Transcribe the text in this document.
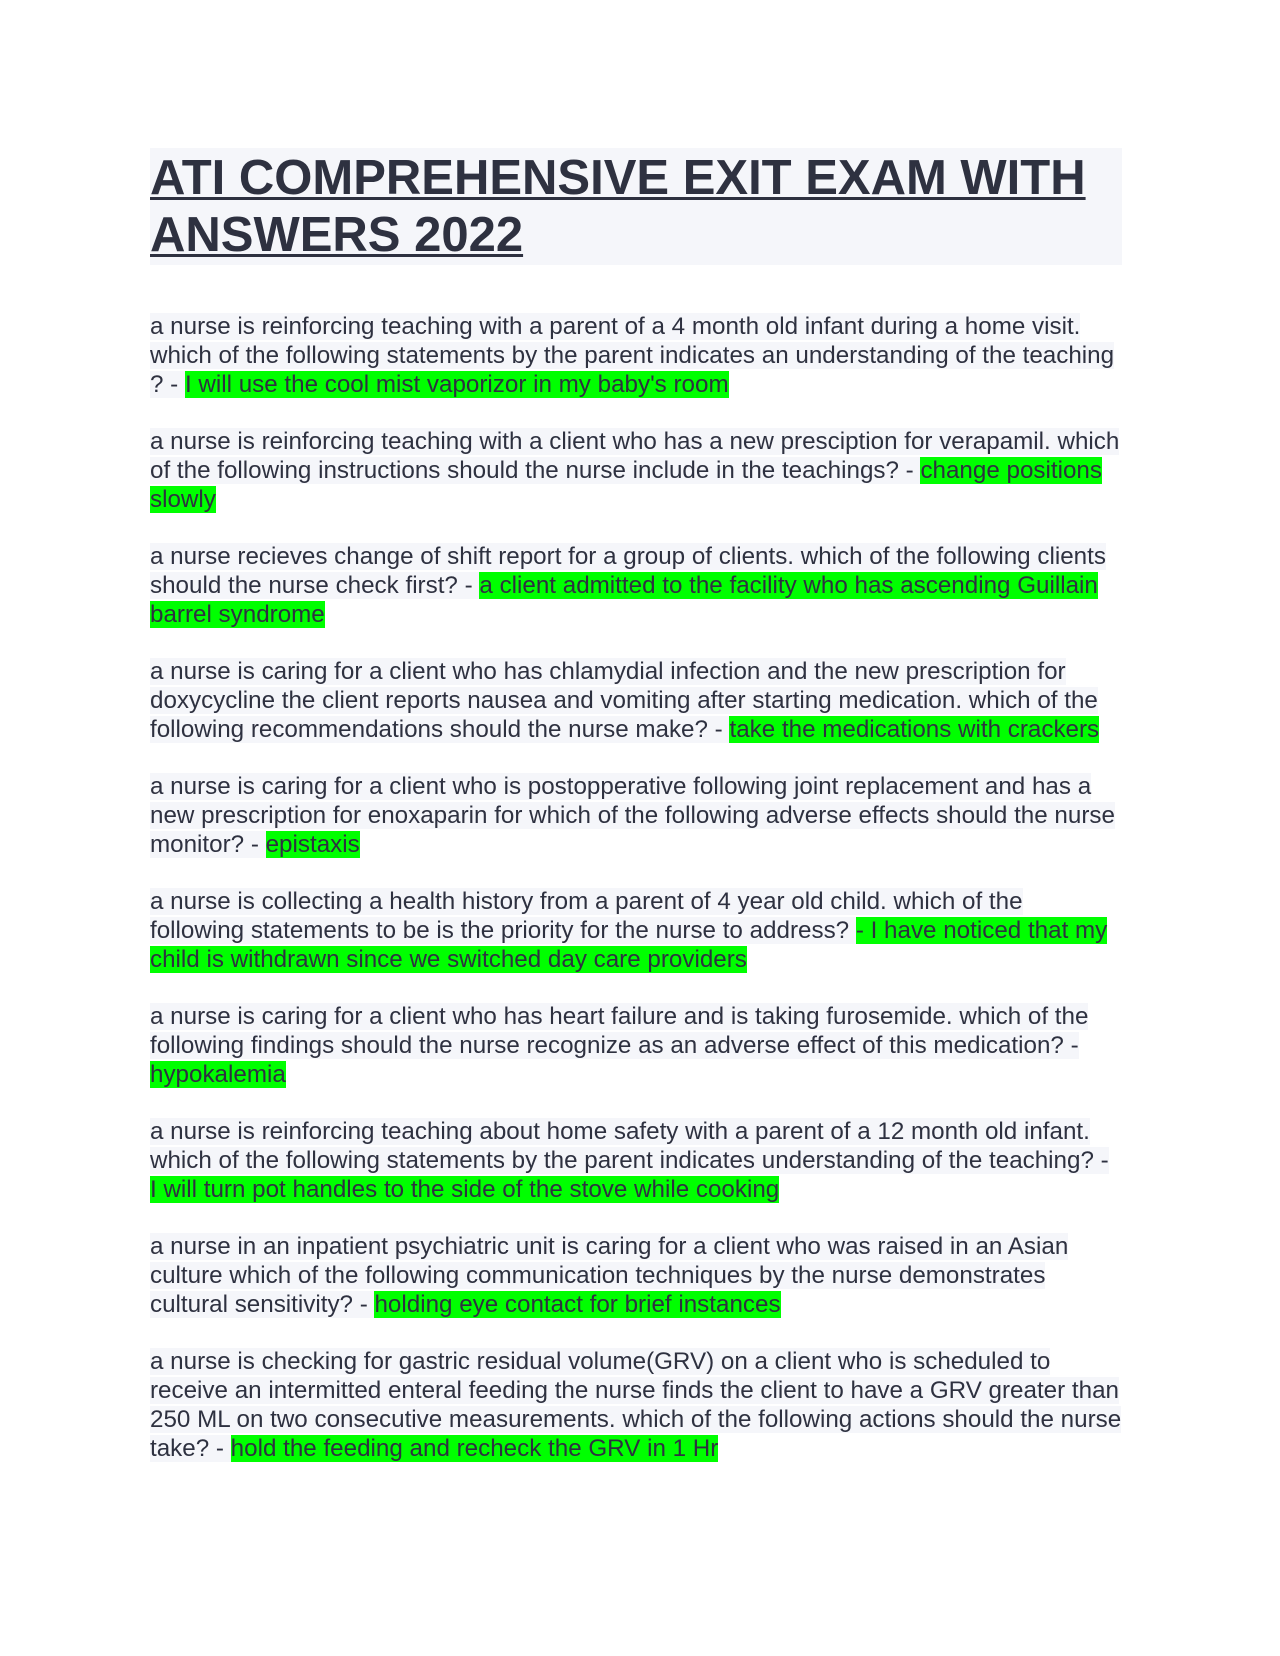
ATI COMPREHENSIVE EXIT EXAM WITH ANSWERS 2022

a nurse is reinforcing teaching with a parent of a 4 month old infant during a home visit. which of the following statements by the parent indicates an understanding of the teaching ? - I will use the cool mist vaporizor in my baby's room

a nurse is reinforcing teaching with a client who has a new presciption for verapamil. which of the following instructions should the nurse include in the teachings? - change positions slowly

a nurse recieves change of shift report for a group of clients. which of the following clients should the nurse check first? - a client admitted to the facility who has ascending Guillain barrel syndrome

a nurse is caring for a client who has chlamydial infection and the new prescription for doxycycline the client reports nausea and vomiting after starting medication. which of the following recommendations should the nurse make? - take the medications with crackers

a nurse is caring for a client who is postopperative following joint replacement and has a new prescription for enoxaparin for which of the following adverse effects should the nurse monitor? - epistaxis

a nurse is collecting a health history from a parent of 4 year old child. which of the following statements to be is the priority for the nurse to address? - I have noticed that my child is withdrawn since we switched day care providers

a nurse is caring for a client who has heart failure and is taking furosemide. which of the following findings should the nurse recognize as an adverse effect of this medication? - hypokalemia

a nurse is reinforcing teaching about home safety with a parent of a 12 month old infant. which of the following statements by the parent indicates understanding of the teaching? - I will turn pot handles to the side of the stove while cooking

a nurse in an inpatient psychiatric unit is caring for a client who was raised in an Asian culture which of the following communication techniques by the nurse demonstrates cultural sensitivity? - holding eye contact for brief instances

a nurse is checking for gastric residual volume(GRV) on a client who is scheduled to receive an intermitted enteral feeding the nurse finds the client to have a GRV greater than 250 ML on two consecutive measurements. which of the following actions should the nurse take? - hold the feeding and recheck the GRV in 1 Hr
